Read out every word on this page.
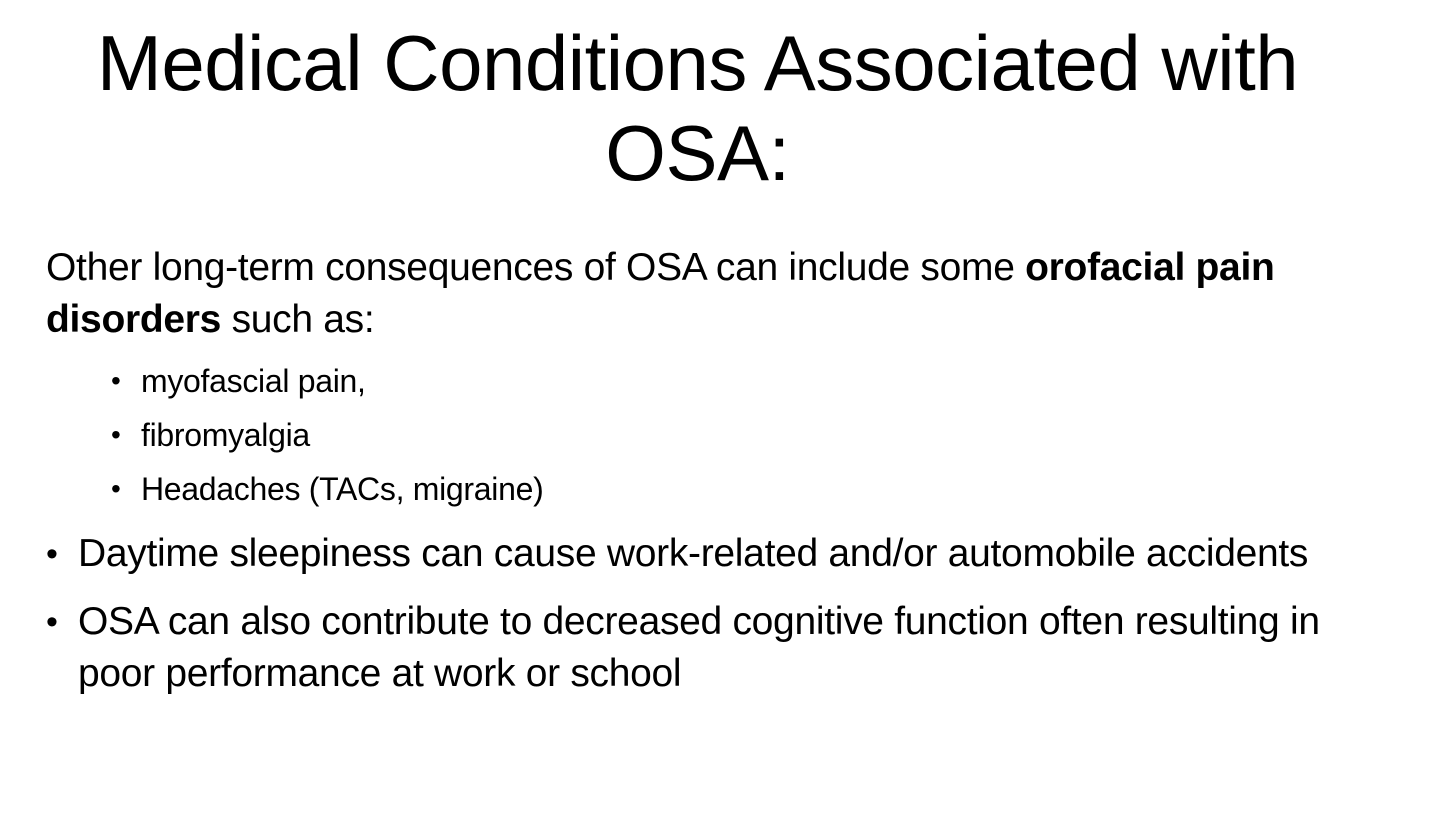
Medical Conditions Associated with OSA:

Other long-term consequences of OSA can include some orofacial pain disorders such as:

• myofascial pain,
• fibromyalgia
• Headaches (TACs, migraine)
• Daytime sleepiness can cause work-related and/or automobile accidents
• OSA can also contribute to decreased cognitive function often resulting in poor performance at work or school
